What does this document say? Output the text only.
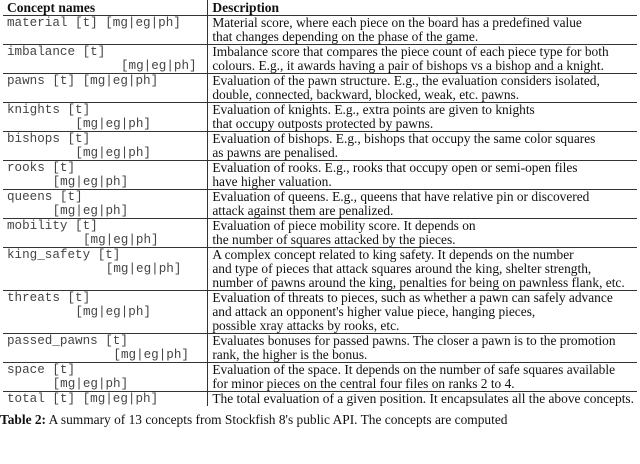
Concept names	Description

material [t] [mg|eg|ph]	Material score, where each piece on the board has a predefined value
that changes depending on the phase of the game.

imbalance [t]
[mg|eg|ph]	Imbalance score that compares the piece count of each piece type for both
colours. E.g., it awards having a pair of bishops vs a bishop and a knight.

pawns [t] [mg|eg|ph]	Evaluation of the pawn structure. E.g., the evaluation considers isolated,
double, connected, backward, blocked, weak, etc. pawns.

knights [t]
[mg|eg|ph]	Evaluation of knights. E.g., extra points are given to knights
that occupy outposts protected by pawns.

bishops [t]
[mg|eg|ph]	Evaluation of bishops. E.g., bishops that occupy the same color squares
as pawns are penalised.

rooks [t]
[mg|eg|ph]	Evaluation of rooks. E.g., rooks that occupy open or semi-open files
have higher valuation.

queens [t]
[mg|eg|ph]	Evaluation of queens. E.g., queens that have relative pin or discovered
attack against them are penalized.

mobility [t]
[mg|eg|ph]	Evaluation of piece mobility score. It depends on
the number of squares attacked by the pieces.

king_safety [t]
[mg|eg|ph]	A complex concept related to king safety. It depends on the number
and type of pieces that attack squares around the king, shelter strength,
number of pawns around the king, penalties for being on pawnless flank, etc.

threats [t]
[mg|eg|ph]	Evaluation of threats to pieces, such as whether a pawn can safely advance
and attack an opponent's higher value piece, hanging pieces,
possible xray attacks by rooks, etc.

passed_pawns [t]
[mg|eg|ph]	Evaluates bonuses for passed pawns. The closer a pawn is to the promotion
rank, the higher is the bonus.

space [t]
[mg|eg|ph]	Evaluation of the space. It depends on the number of safe squares available
for minor pieces on the central four files on ranks 2 to 4.

total [t] [mg|eg|ph]	The total evaluation of a given position. It encapsulates all the above concepts.
Table 2: A summary of 13 concepts from Stockfish 8's public API. The concepts are computed
